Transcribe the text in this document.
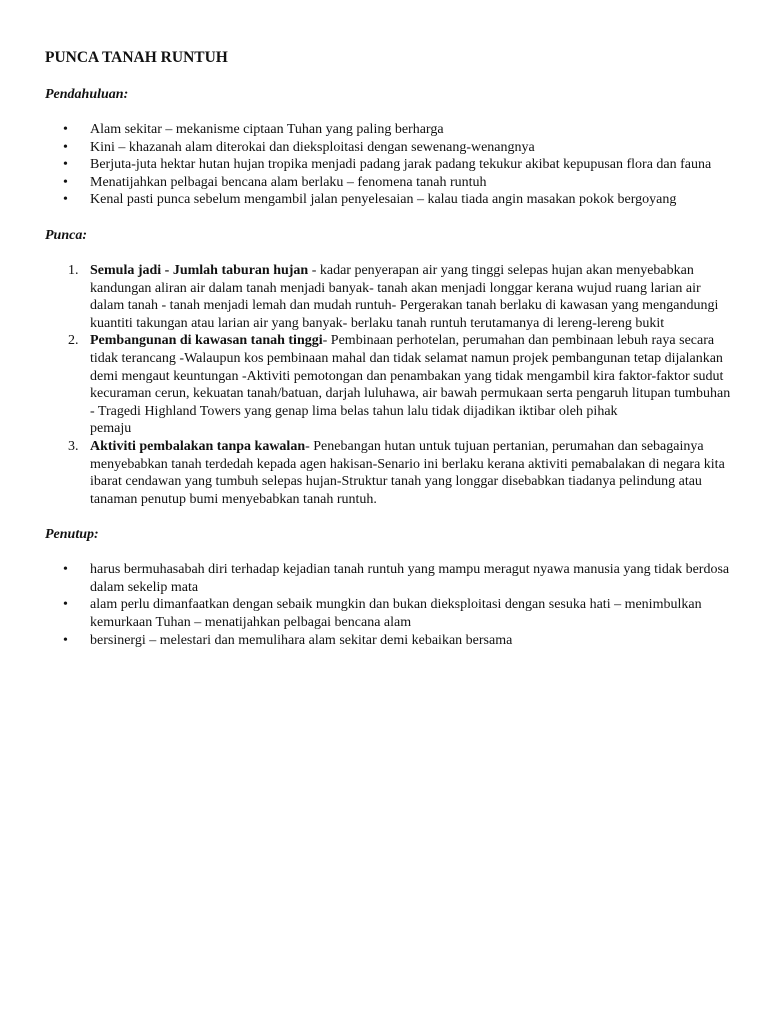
PUNCA TANAH RUNTUH

Pendahuluan:

• Alam sekitar – mekanisme ciptaan Tuhan yang paling berharga
• Kini – khazanah alam diterokai dan dieksploitasi dengan sewenang-wenangnya
• Berjuta-juta hektar hutan hujan tropika menjadi padang jarak padang tekukur akibat kepupusan flora dan fauna
• Menatijahkan pelbagai bencana alam berlaku – fenomena tanah runtuh
• Kenal pasti punca sebelum mengambil jalan penyelesaian – kalau tiada angin masakan pokok bergoyang

Punca:

1. Semula jadi - Jumlah taburan hujan - kadar penyerapan air yang tinggi selepas hujan akan menyebabkan kandungan aliran air dalam tanah menjadi banyak- tanah akan menjadi longgar kerana wujud ruang larian air dalam tanah - tanah menjadi lemah dan mudah runtuh- Pergerakan tanah berlaku di kawasan yang mengandungi kuantiti takungan atau larian air yang banyak- berlaku tanah runtuh terutamanya di lereng-lereng bukit
2. Pembangunan di kawasan tanah tinggi- Pembinaan perhotelan, perumahan dan pembinaan lebuh raya secara tidak terancang -Walaupun kos pembinaan mahal dan tidak selamat namun projek pembangunan tetap dijalankan demi mengaut keuntungan -Aktiviti pemotongan dan penambakan yang tidak mengambil kira faktor-faktor sudut kecuraman cerun, kekuatan tanah/batuan, darjah luluhawa, air bawah permukaan serta pengaruh litupan tumbuhan - Tragedi Highland Towers yang genap lima belas tahun lalu tidak dijadikan iktibar oleh pihak
pemaju
3. Aktiviti pembalakan tanpa kawalan- Penebangan hutan untuk tujuan pertanian, perumahan dan sebagainya menyebabkan tanah terdedah kepada agen hakisan-Senario ini berlaku kerana aktiviti pemabalakan di negara kita ibarat cendawan yang tumbuh selepas hujan-Struktur tanah yang longgar disebabkan tiadanya pelindung atau tanaman penutup bumi menyebabkan tanah runtuh.

Penutup:

• harus bermuhasabah diri terhadap kejadian tanah runtuh yang mampu meragut nyawa manusia yang tidak berdosa dalam sekelip mata
• alam perlu dimanfaatkan dengan sebaik mungkin dan bukan dieksploitasi dengan sesuka hati – menimbulkan kemurkaan Tuhan – menatijahkan pelbagai bencana alam
• bersinergi – melestari dan memulihara alam sekitar demi kebaikan bersama
